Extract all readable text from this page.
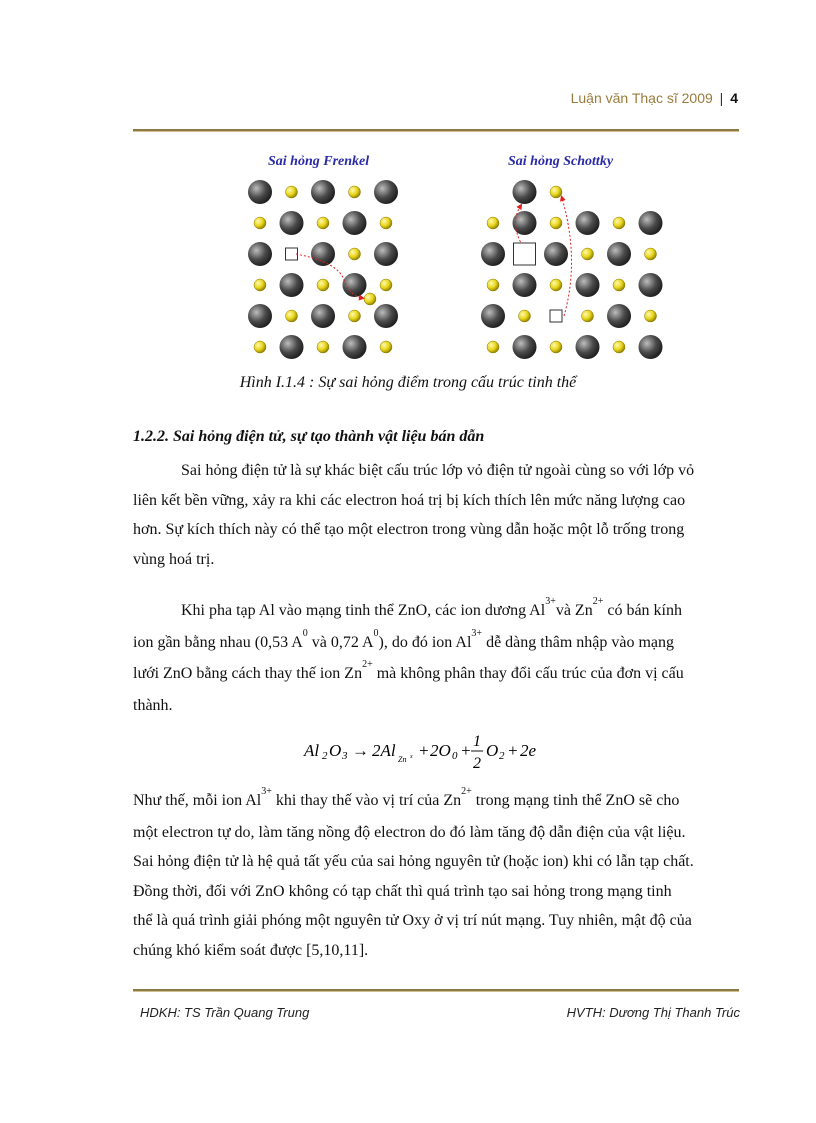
Luận văn Thạc sĩ 2009 | 4
Sai hỏng Frenkel	Sai hỏng Schottky
Hình I.1.4 : Sự sai hỏng điểm trong cấu trúc tinh thể
1.2.2. Sai hỏng điện tử, sự tạo thành vật liệu bán dẫn
Sai hỏng điện tử là sự khác biệt cấu trúc lớp vỏ điện tử ngoài cùng so với lớp vỏ
liên kết bền vững, xảy ra khi các electron hoá trị bị kích thích lên mức năng lượng cao
hơn. Sự kích thích này có thể tạo một electron trong vùng dẫn hoặc một lỗ trống trong
vùng hoá trị.
Khi pha tạp Al vào mạng tinh thể ZnO, các ion dương $Al^{3+}và$ $Zn^{2+}$ có bán kính
ion gần bằng nhau (0,53 $A^0$ và 0,72 $A^0$), do đó ion $Al^{3+}$ dễ dàng thâm nhập vào mạng
lưới ZnO bằng cách thay thế ion $Zn^{2+}$ mà không phân thay đổi cấu trúc của đơn vị cấu
thành.
Al 2 O 3 → 2Al Zn x + 2O 0 + 1
2
O 2 + 2e
Như thế, mỗi ion $Al^{3+}$ khi thay thế vào vị trí của $Zn^{2+}$ trong mạng tinh thể ZnO sẽ cho
một electron tự do, làm tăng nồng độ electron do đó làm tăng độ dẫn điện của vật liệu.
Sai hỏng điện tử là hệ quả tất yếu của sai hỏng nguyên tử (hoặc ion) khi có lẫn tạp chất.
Đồng thời, đối với ZnO không có tạp chất thì quá trình tạo sai hỏng trong mạng tinh
thể là quá trình giải phóng một nguyên tử Oxy ở vị trí nút mạng. Tuy nhiên, mật độ của
chúng khó kiểm soát được [5,10,11].
HDKH: TS Trần Quang Trung	HVTH: Dương Thị Thanh Trúc
